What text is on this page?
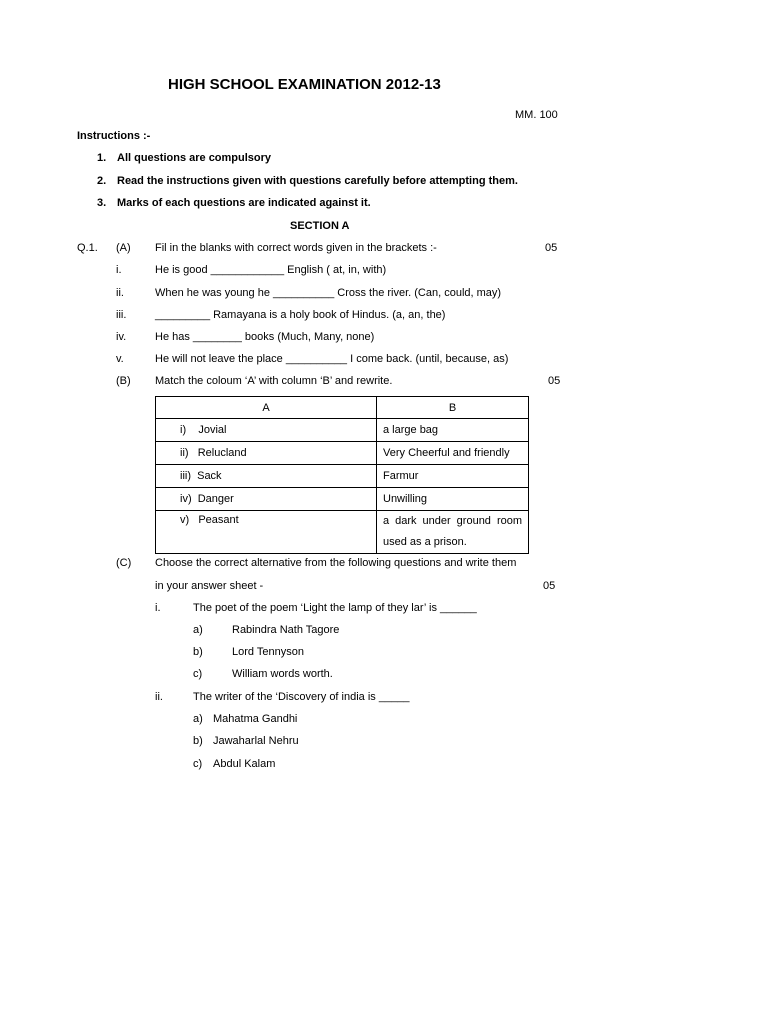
HIGH SCHOOL EXAMINATION 2012-13
MM. 100
Instructions :-
1. All questions are compulsory
2. Read the instructions given with questions carefully before attempting them.
3. Marks of each questions are indicated against it.
SECTION A
Q.1. (A) Fil in the blanks with correct words given in the brackets :-	05
i.	He is good ____________ English ( at, in, with)
ii.	When he was young he __________ Cross the river. (Can, could, may)
iii.	_________ Ramayana is a holy book of Hindus. (a, an, the)
iv.	He has ________ books (Much, Many, none)
v.	He will not leave the place __________ I come back. (until, because, as)
(B) Match the coloum ‘A’ with column ‘B’ and rewrite.	05
A	B
i)    Jovial	a large bag
ii)   Relucland	Very Cheerful and friendly
iii)  Sack	Farmur
iv)  Danger	Unwilling
v)   Peasant	a dark under ground room used as a prison.
(C) Choose the correct alternative from the following questions and write them
in your answer sheet -	05
i.	The poet of the poem ‘Light the lamp of they lar’ is ______
a)	Rabindra Nath Tagore
b)	Lord Tennyson
c)	William words worth.
ii.	The writer of the ‘Discovery of india is _____
a) Mahatma Gandhi
b) Jawaharlal Nehru
c) Abdul Kalam
